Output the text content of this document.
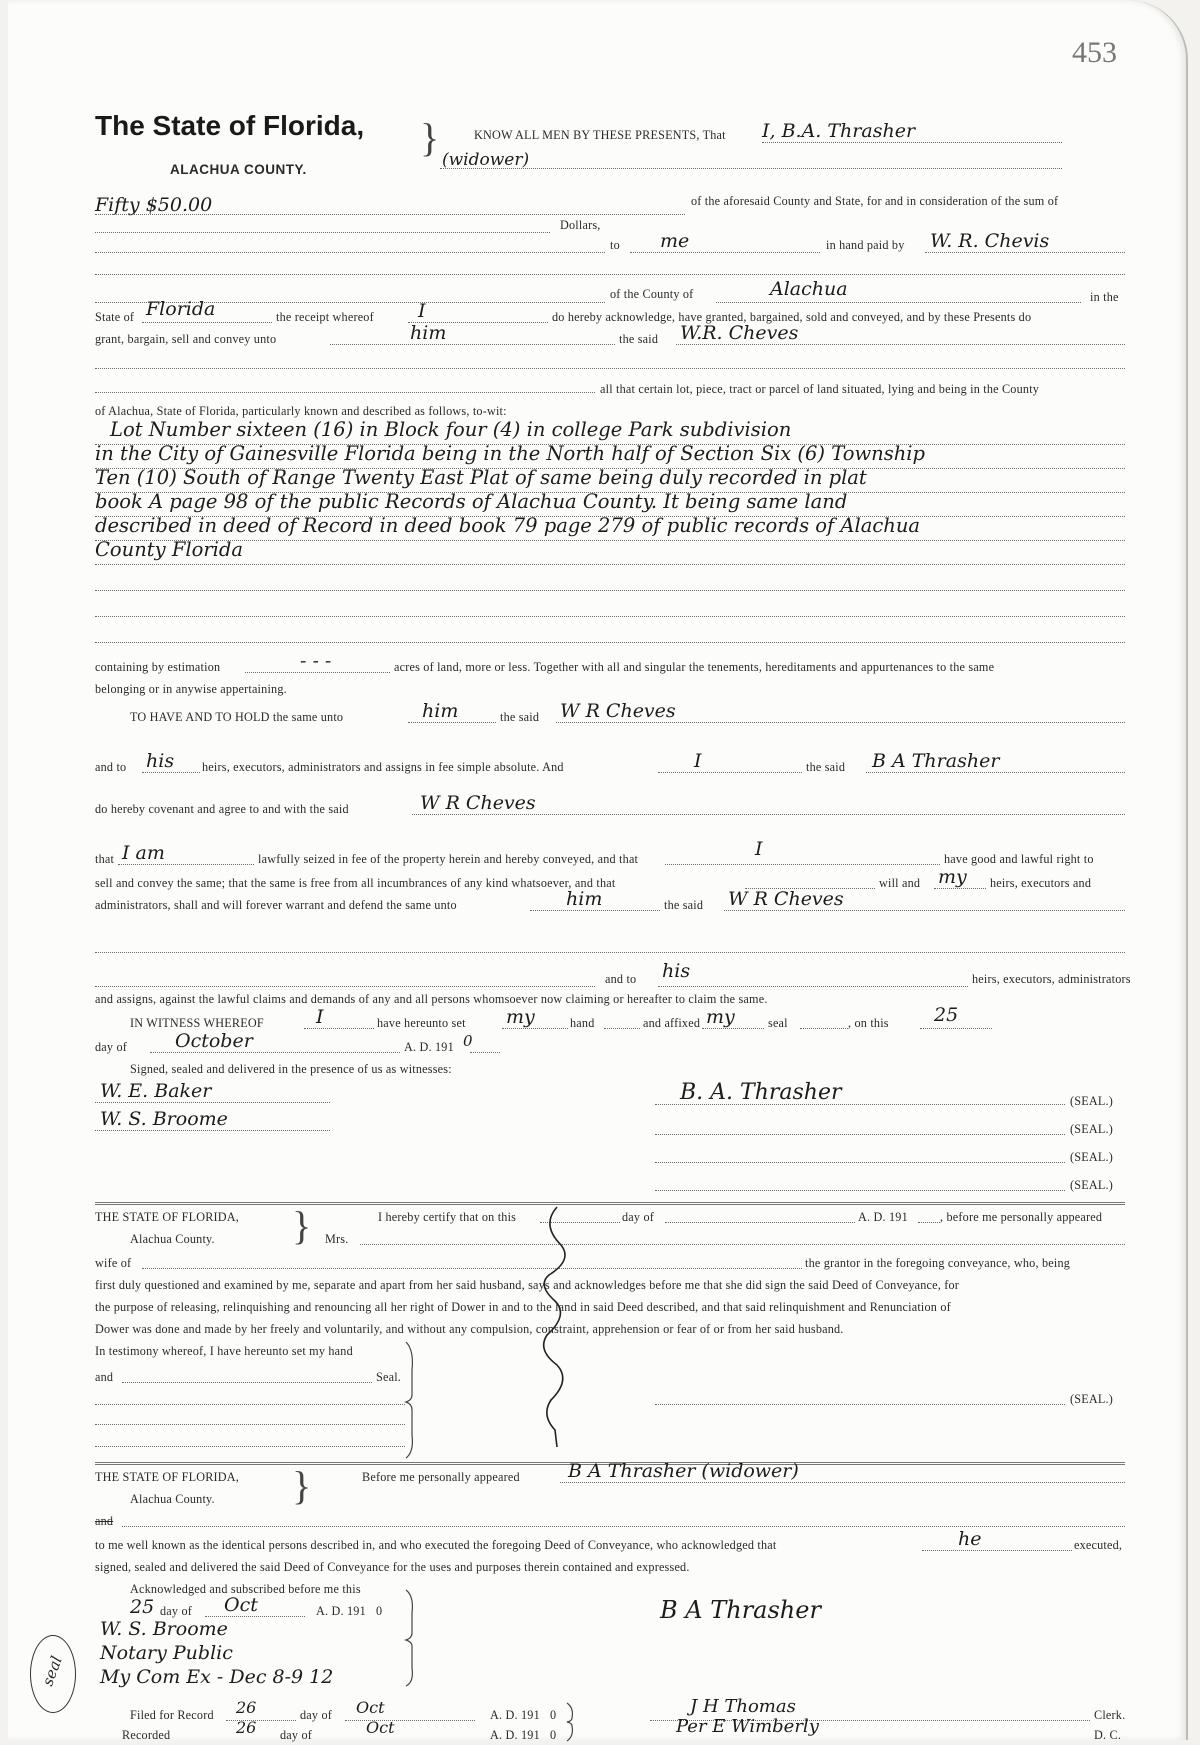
453
The State of Florida,
ALACHUA COUNTY.
}	KNOW ALL MEN BY THESE PRESENTS, That I, B.A. Thrasher
(widower)
Fifty $50.00	of the aforesaid County and State, for and in consideration of the sum of
Dollars,
to me	in hand paid by W. R. Chevis
of the County of	Alachua	in the
State of Florida	the receipt whereof I	do hereby acknowledge, have granted, bargained, sold and conveyed, and by these Presents do
grant, bargain, sell and convey unto	him	the said W.R. Cheves
all that certain lot, piece, tract or parcel of land situated, lying and being in the County
of Alachua, State of Florida, particularly known and described as follows, to-wit:
Lot Number sixteen (16) in Block four (4) in college Park subdivision
in the City of Gainesville Florida being in the North half of Section Six (6) Township
Ten (10) South of Range Twenty East Plat of same being duly recorded in plat
book A page 98 of the public Records of Alachua County. It being same land
described in deed of Record in deed book 79 page 279 of public records of Alachua
County Florida
containing by estimation	- - -	acres of land, more or less. Together with all and singular the tenements, hereditaments and appurtenances to the same
belonging or in anywise appertaining.
TO HAVE AND TO HOLD the same unto	him	the said W R Cheves
and to his heirs, executors, administrators and assigns in fee simple absolute. And	I	the said B A Thrasher
do hereby covenant and agree to and with the said	W R Cheves
that I am	lawfully seized in fee of the property herein and hereby conveyed, and that	I	have good and lawful right to
sell and convey the same; that the same is free from all incumbrances of any kind whatsoever, and that	will and my heirs, executors and
administrators, shall and will forever warrant and defend the same unto	him	the said W R Cheves
and to his	heirs, executors, administrators
and assigns, against the lawful claims and demands of any and all persons whomsoever now claiming or hereafter to claim the same.
IN WITNESS WHEREOF	I	have hereunto set my	hand	and affixed my	seal	, on this 25
day of	October	A. D. 191 0
Signed, sealed and delivered in the presence of us as witnesses:
W. E. Baker
W. S. Broome
B. A. Thrasher	(SEAL.)
(SEAL.)
(SEAL.)
(SEAL.)
THE STATE OF FLORIDA,
Alachua County. }	I hereby certify that on this	day of	A. D. 191	, before me personally appeared
Mrs.
wife of	the grantor in the foregoing conveyance, who, being
first duly questioned and examined by me, separate and apart from her said husband, says and acknowledges before me that she did sign the said Deed of Conveyance, for
the purpose of releasing, relinquishing and renouncing all her right of Dower in and to the land in said Deed described, and that said relinquishment and Renunciation of
Dower was done and made by her freely and voluntarily, and without any compulsion, constraint, apprehension or fear of or from her said husband.
In testimony whereof, I have hereunto set my hand
and	Seal.
(SEAL.)
THE STATE OF FLORIDA,
Alachua County. }	Before me personally appeared	B A Thrasher (widower)
and
to me well known as the identical persons described in, and who executed the foregoing Deed of Conveyance, who acknowledged that	he	executed,
signed, sealed and delivered the said Deed of Conveyance for the uses and purposes therein contained and expressed.
Acknowledged and subscribed before me this
25 day of Oct	A. D. 191 0
W. S. Broome
Notary Public
My Com Ex - Dec 8-9 12
B A Thrasher
seal
Filed for Record 26	day of Oct	A. D. 191 0
Recorded	26 day of	Oct	A. D. 191 0
J H Thomas	Clerk.
Per E Wimberly	D. C.
